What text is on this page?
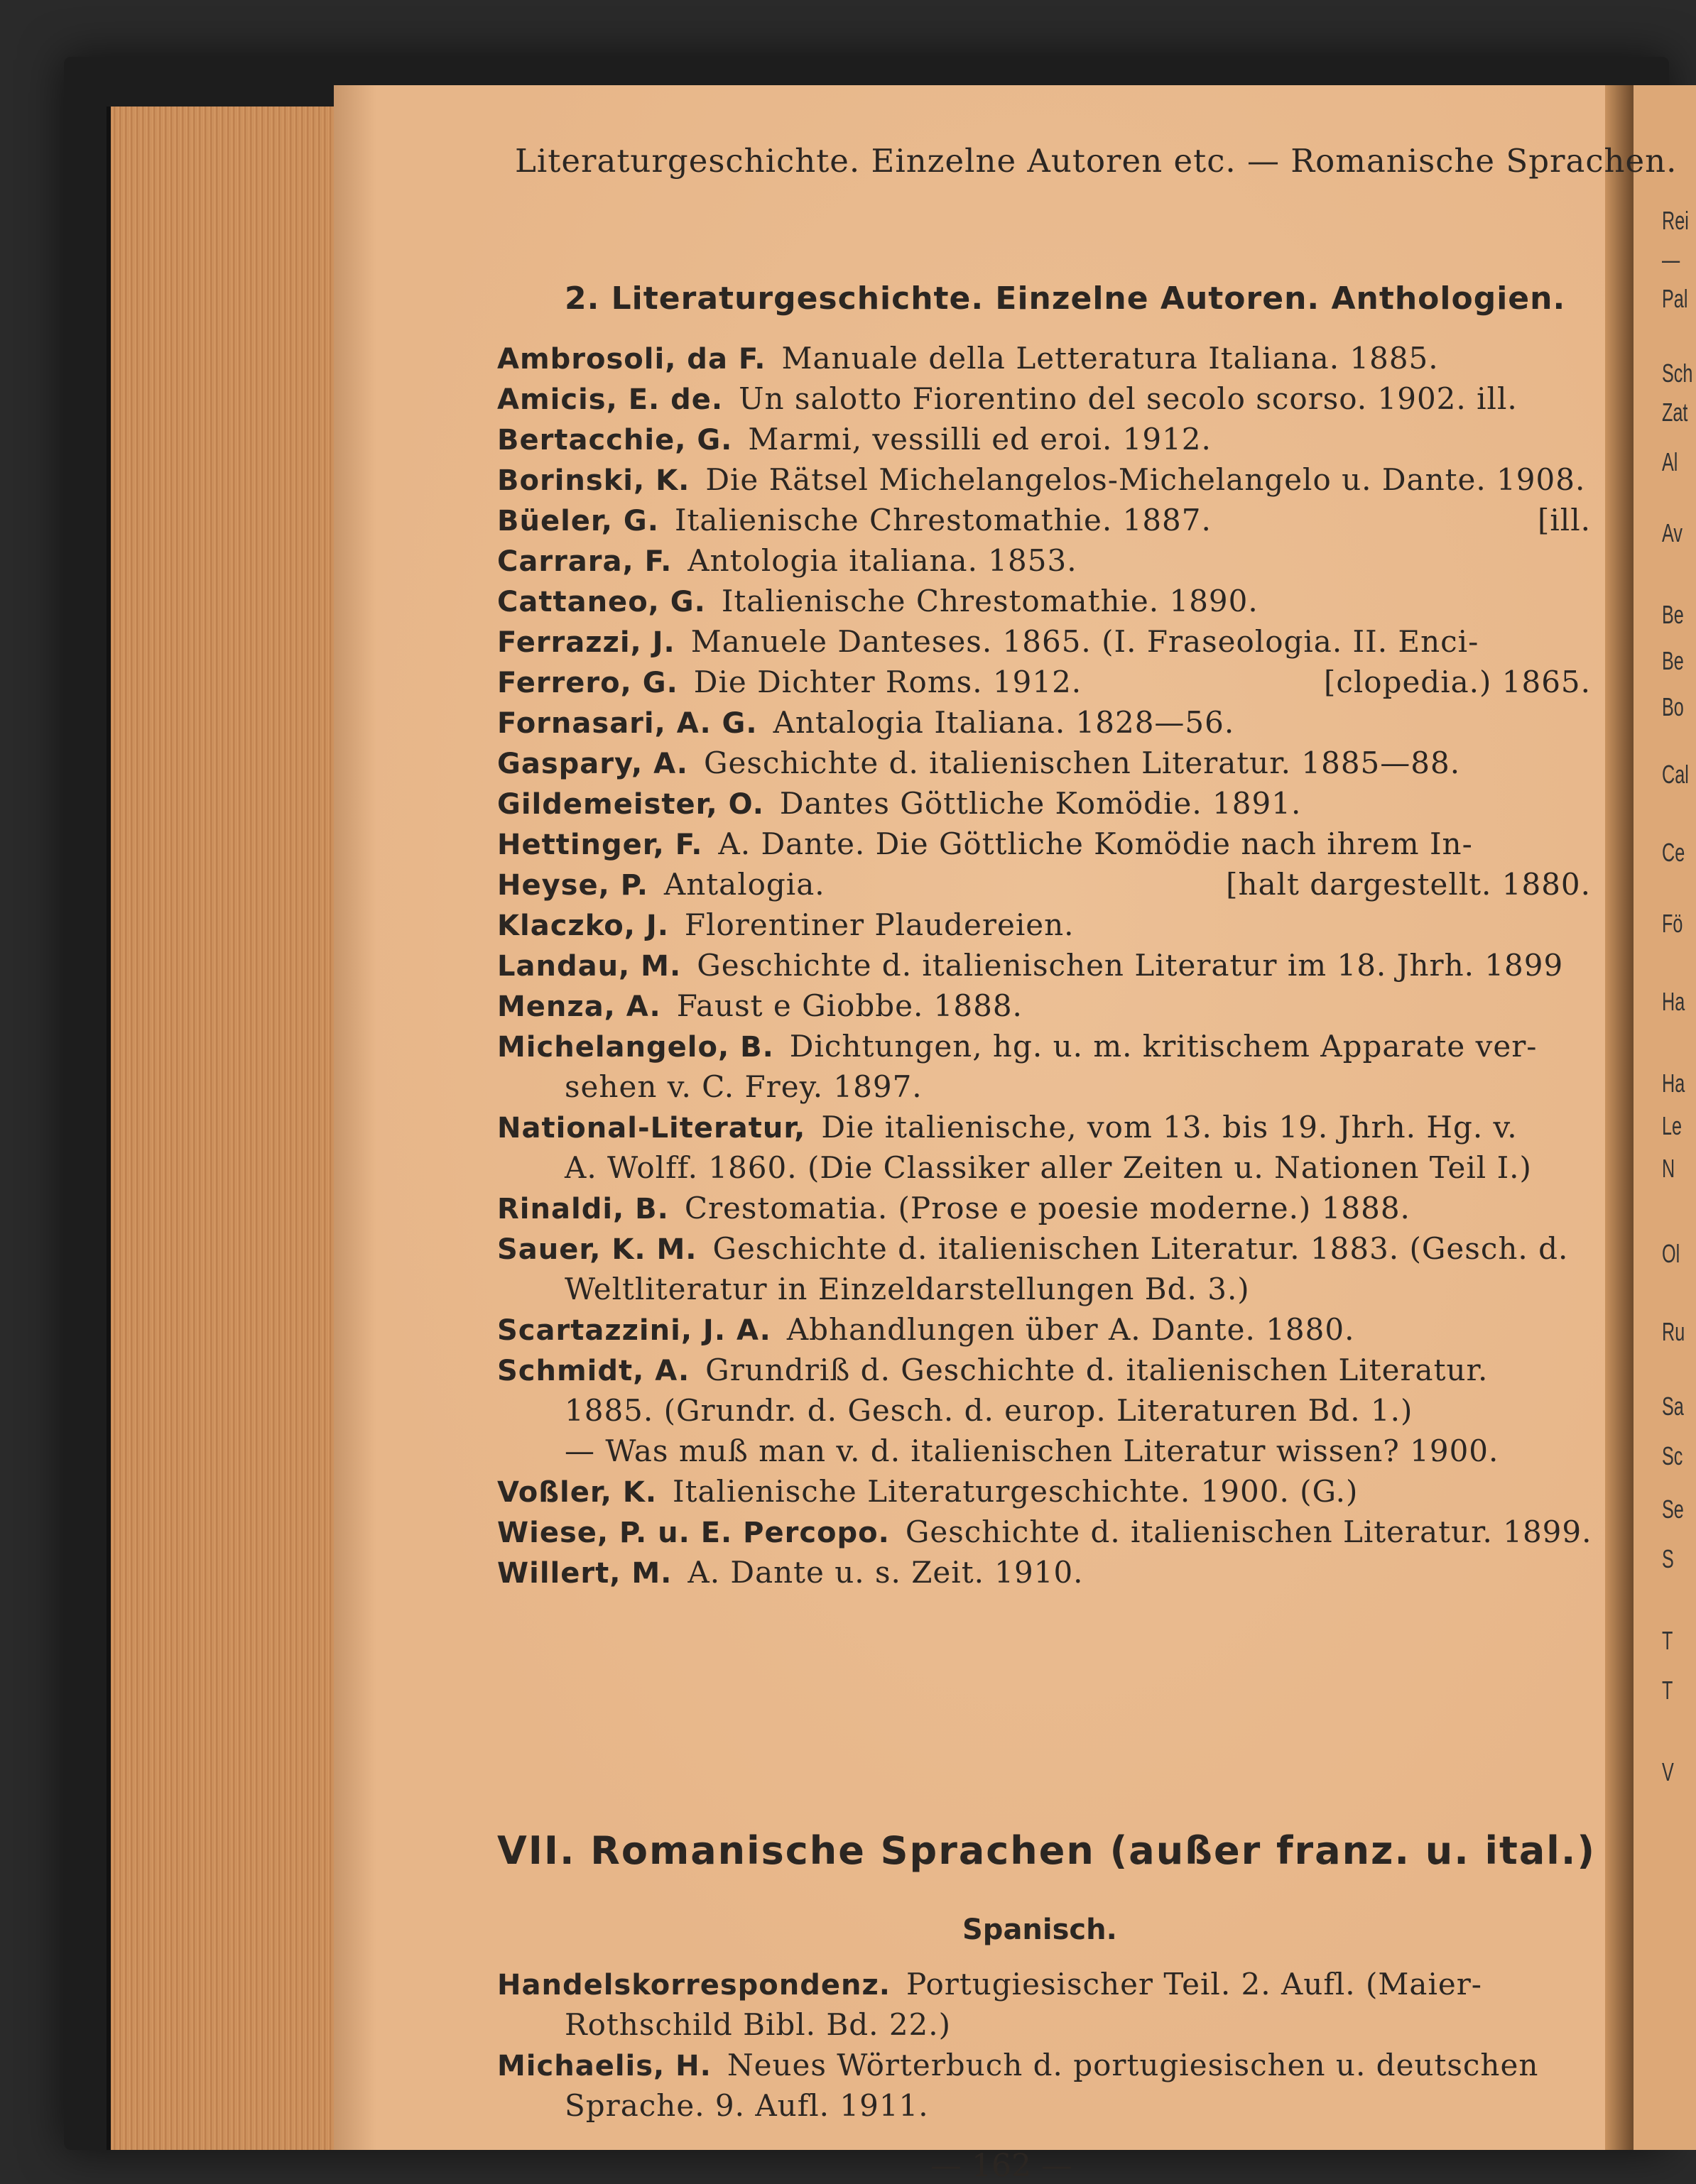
Rei
—
Pal
Sch
Zat
Al
Av
Be
Be
Bo
Cal
Ce
Fö
Ha
Ha
Le
N
Ol
Ru
Sa
Sc
Se
S
T
T
V
Literaturgeschichte. Einzelne Autoren etc. — Romanische Sprachen.
2. Literaturgeschichte. Einzelne Autoren. Anthologien.
Ambrosoli, da F. Manuale della Letteratura Italiana. 1885.
Amicis, E. de. Un salotto Fiorentino del secolo scorso. 1902. ill.
Bertacchie, G. Marmi, vessilli ed eroi. 1912.
Borinski, K. Die Rätsel Michelangelos-Michelangelo u. Dante. 1908.
Büeler, G. Italienische Chrestomathie. 1887.	[ill.
Carrara, F. Antologia italiana. 1853.
Cattaneo, G. Italienische Chrestomathie. 1890.
Ferrazzi, J. Manuele Danteses. 1865. (I. Fraseologia. II. Enci-
Ferrero, G. Die Dichter Roms. 1912.	[clopedia.) 1865.
Fornasari, A. G. Antalogia Italiana. 1828—56.
Gaspary, A. Geschichte d. italienischen Literatur. 1885—88.
Gildemeister, O. Dantes Göttliche Komödie. 1891.
Hettinger, F. A. Dante. Die Göttliche Komödie nach ihrem In-
Heyse, P. Antalogia.	[halt dargestellt. 1880.
Klaczko, J. Florentiner Plaudereien.
Landau, M. Geschichte d. italienischen Literatur im 18. Jhrh. 1899
Menza, A. Faust e Giobbe. 1888.
Michelangelo, B. Dichtungen, hg. u. m. kritischem Apparate ver-
sehen v. C. Frey. 1897.
National-Literatur, Die italienische, vom 13. bis 19. Jhrh. Hg. v.
A. Wolff. 1860. (Die Classiker aller Zeiten u. Nationen Teil I.)
Rinaldi, B. Crestomatia. (Prose e poesie moderne.) 1888.
Sauer, K. M. Geschichte d. italienischen Literatur. 1883. (Gesch. d.
Weltliteratur in Einzeldarstellungen Bd. 3.)
Scartazzini, J. A. Abhandlungen über A. Dante. 1880.
Schmidt, A. Grundriß d. Geschichte d. italienischen Literatur.
1885. (Grundr. d. Gesch. d. europ. Literaturen Bd. 1.)
— Was muß man v. d. italienischen Literatur wissen? 1900.
Voßler, K. Italienische Literaturgeschichte. 1900. (G.)
Wiese, P. u. E. Percopo. Geschichte d. italienischen Literatur. 1899.
Willert, M. A. Dante u. s. Zeit. 1910.
VII. Romanische Sprachen (außer franz. u. ital.)
Spanisch.
Handelskorrespondenz. Portugiesischer Teil. 2. Aufl. (Maier-
Rothschild Bibl. Bd. 22.)
Michaelis, H. Neues Wörterbuch d. portugiesischen u. deutschen
Sprache. 9. Aufl. 1911.
— 162 —
